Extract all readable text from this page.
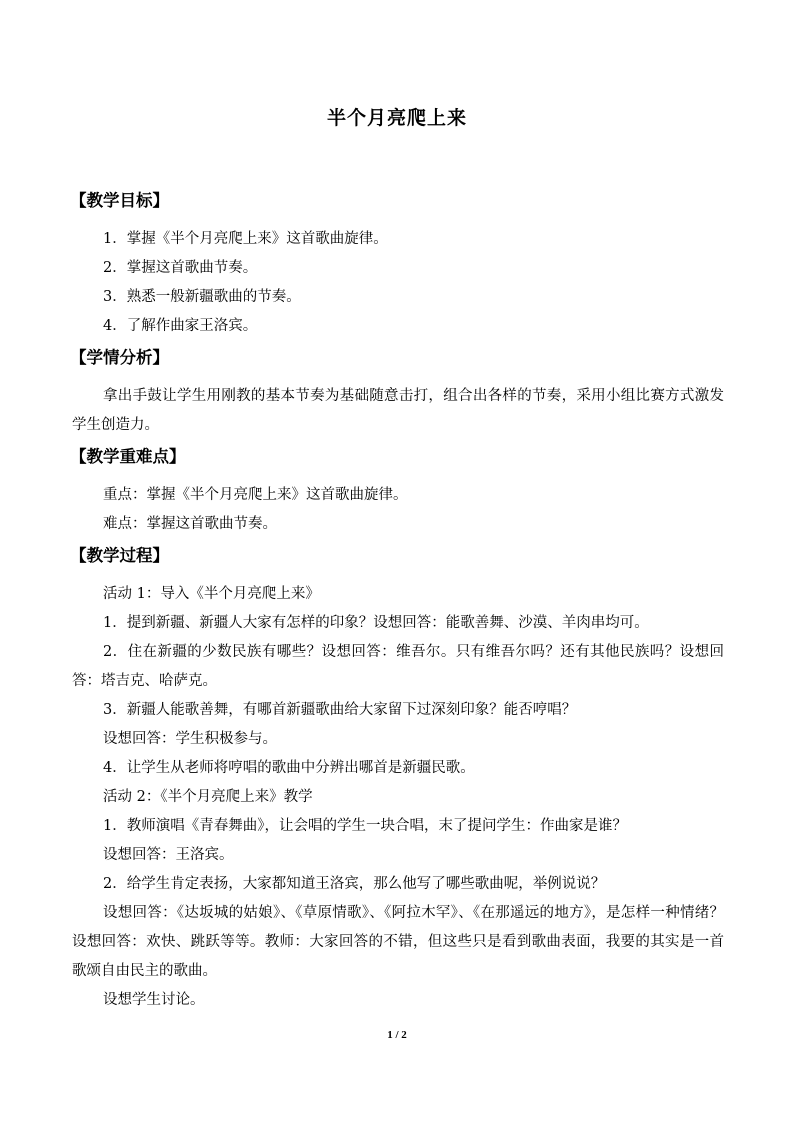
半个月亮爬上来
【教学目标】
1．掌握《半个月亮爬上来》这首歌曲旋律。
2．掌握这首歌曲节奏。
3．熟悉一般新疆歌曲的节奏。
4．了解作曲家王洛宾。
【学情分析】
拿出手鼓让学生用刚教的基本节奏为基础随意击打，组合出各样的节奏，采用小组比赛方式激发学生创造力。
【教学重难点】
重点：掌握《半个月亮爬上来》这首歌曲旋律。
难点：掌握这首歌曲节奏。
【教学过程】
活动 1：导入《半个月亮爬上来》
1．提到新疆、新疆人大家有怎样的印象？设想回答：能歌善舞、沙漠、羊肉串均可。
2．住在新疆的少数民族有哪些？设想回答：维吾尔。只有维吾尔吗？还有其他民族吗？设想回答：塔吉克、哈萨克。
3．新疆人能歌善舞，有哪首新疆歌曲给大家留下过深刻印象？能否哼唱？
设想回答：学生积极参与。
4．让学生从老师将哼唱的歌曲中分辨出哪首是新疆民歌。
活动 2：《半个月亮爬上来》教学
1．教师演唱《青春舞曲》，让会唱的学生一块合唱，末了提问学生：作曲家是谁？
设想回答：王洛宾。
2．给学生肯定表扬，大家都知道王洛宾，那么他写了哪些歌曲呢，举例说说？
设想回答：《达坂城的姑娘》、《草原情歌》、《阿拉木罕》、《在那遥远的地方》，是怎样一种情绪？设想回答：欢快、跳跃等等。教师：大家回答的不错，但这些只是看到歌曲表面，我要的其实是一首歌颂自由民主的歌曲。
设想学生讨论。
1 / 2
